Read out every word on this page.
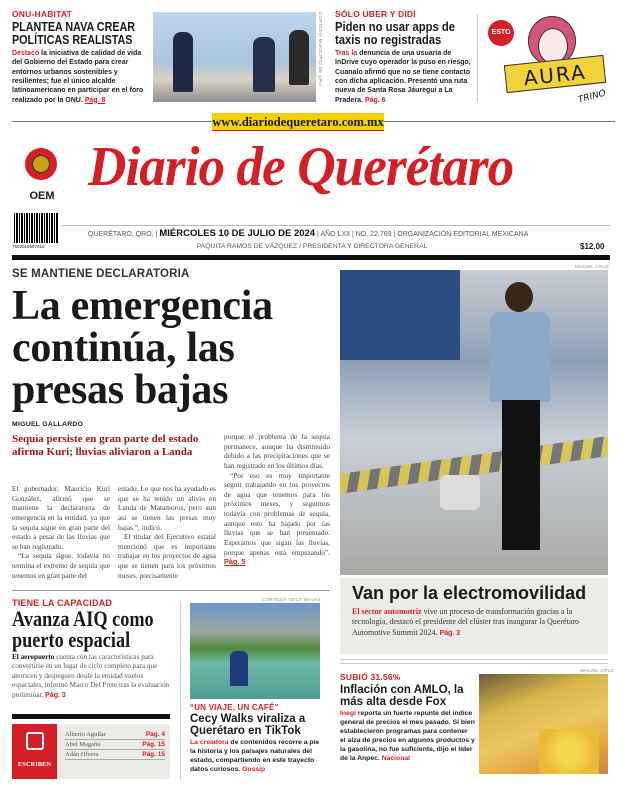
ONU-HABITAT
PLANTEA NAVA CREAR POLÍTICAS REALISTAS
Destacó la iniciativa de calidad de vida del Gobierno del Estado para crear entornos urbanos sostenibles y resilientes; fue el único alcalde latinoamericano en participar en el foro realizado por la ONU. Pág. 8
CORTESÍA MUNICIPIO DE QRO. SÓLO UBER Y DIDI
Piden no usar apps de taxis no registradas
Tras la denuncia de una usuaria de InDrive cuyo operador la puso en riesgo, Cuanalo afirmó que no se tiene contacto con dicha aplicación. Presentó una ruta nueva de Santa Rosa Jáuregui a La Pradera. Pág. 6
AURA
TRINO
ESTO
www.diariodequeretaro.com.mx
OEM Diario de Querétaro
7503019697018
QUERÉTARO, QRO. | MIÉRCOLES 10 DE JULIO DE 2024 | AÑO LXII | NO. 22,769 | ORGANIZACIÓN EDITORIAL MEXICANA
PAQUITA RAMOS DE VÁZQUEZ / PRESIDENTA Y DIRECTORA GENERAL	$12.00
SE MANTIENE DECLARATORIA
La emergencia continúa, las presas bajas
MIGUEL GALLARDO
Sequía persiste en gran parte del estado afirma Kuri; lluvias aliviaron a Landa

El gobernador, Mauricio Kuri González, afirmó que se mantiene la declaratoria de emergencia en la entidad, ya que la sequía sigue en gran parte del estado a pesar de las lluvias que se han registrado.

“La sequía sigue, todavía no termina el extremo de sequía que tenemos en gran parte del

estado. Lo que nos ha ayudado es que se ha tenido un alivio en Landa de Matamoros, pero aun así se tienen las presas muy bajas.”, indicó.

El titular del Ejecutivo estatal mencionó que es importante trabajar en los proyectos de agua que se tienen para los próximos meses, precisamente

porque el problema de la sequía permanece, aunque ha disminuido debido a las precipitaciones que se han registrado en los últimos días.

“Por eso es muy importante seguir trabajando en los proyectos de agua que tenemos para los próximos meses, y seguimos todavía con problemas de sequía, aunque esto ha bajado por las lluvias que se han presentado. Esperamos que sigan las lluvias, porque apenas está empezando”. Pág. 5

MIGUEL CRUZ
Van por la electromovilidad
El sector automotriz vive un proceso de transformación gracias a la tecnología, destacó el presidente del clúster tras inaugurar la Querétaro Automotive Summit 2024. Pág. 3
TIENE LA CAPACIDAD
Avanza AIQ como puerto espacial
El aeropuerto cuenta con las características para convertirse en un lugar de ciclo completo para que aterricen y despeguen desde la entidad vuelos espaciales, informó Marco Del Prete tras la evaluación preliminar. Pág. 3
ESCRIBEN
Alberto Aguilar	Pág. 4
Abel Magaña	Pág. 15
Adán Olvera	Pág. 15
CORTESÍA CECY WALKS
“UN VIAJE, UN CAFÉ”
Cecy Walks viraliza a Querétaro en TikTok
La creadora de contenidos recorre a pie la historia y los paisajes naturales del estado, compartiendo en este trayecto datos curiosos. Gossip
SUBIÓ 31.56%
Inflación con AMLO, la más alta desde Fox
Inegi reporta un fuerte repunte del índice general de precios el mes pasado. Si bien establecieron programas para contener el alza de precios en algunos productos y la gasolina, no fue suficiente, dijo el líder de la Anpec. Nacional
MIGUEL CRUZ
